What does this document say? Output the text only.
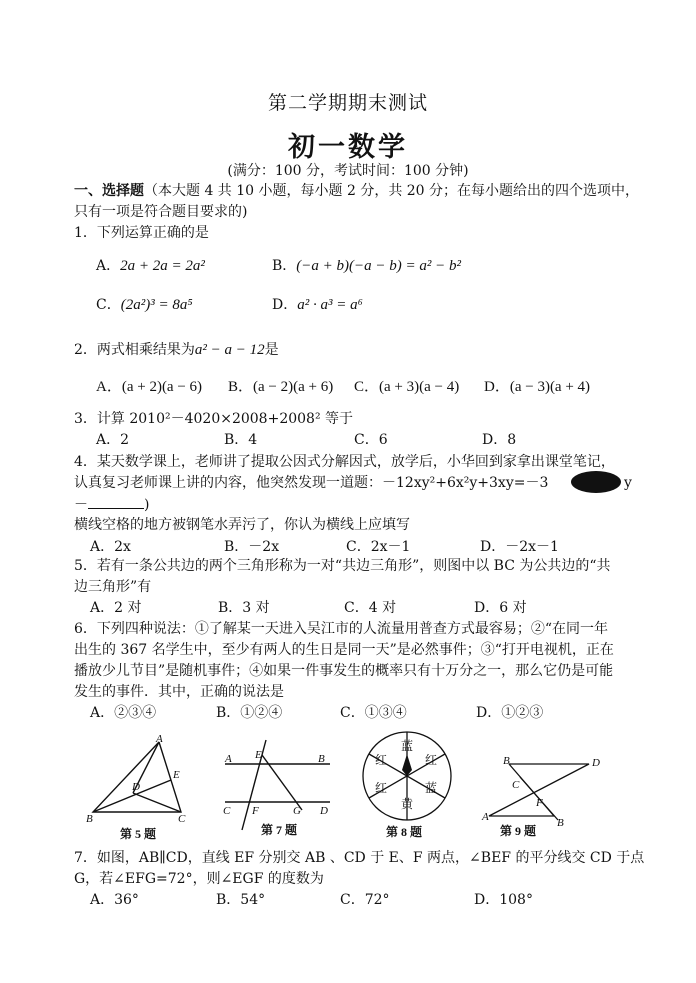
第二学期期末测试
初一数学
(满分：100 分，考试时间：100 分钟)
一、选择题（本大题 4 共 10 小题，每小题 2 分，共 20 分；在每小题给出的四个选项中，
只有一项是符合题目要求的)
1．下列运算正确的是
A．2a + 2a = 2a²	B．(−a + b)(−a − b) = a² − b²
C．(2a²)³ = 8a⁵	D．a² · a³ = a⁶
2．两式相乘结果为a² − a − 12是
A．(a + 2)(a − 6) B．(a − 2)(a + 6) C．(a + 3)(a − 4) D．(a − 3)(a + 4)
3．计算 2010²－4020×2008+2008² 等于
A．2	B．4	C．6	D．8
4．某天数学课上，老师讲了提取公因式分解因式，放学后，小华回到家拿出课堂笔记，
认真复习老师课上讲的内容，他突然发现一道题：－12xy²+6x²y+3xy=－3	y
－	)
横线空格的地方被钢笔水弄污了，你认为横线上应填写
A．2x	B．－2x	C．2x－1	D．－2x－1
5．若有一条公共边的两个三角形称为一对“共边三角形”，则图中以 BC 为公共边的“共
边三角形”有
A．2 对	B．3 对	C．4 对	D．6 对
6．下列四种说法：①了解某一天进入吴江市的人流量用普查方式最容易；②“在同一年
出生的 367 名学生中，至少有两人的生日是同一天”是必然事件；③“打开电视机，正在
播放少儿节目”是随机事件；④如果一件事发生的概率只有十万分之一，那么它仍是可能
发生的事件．其中，正确的说法是
A．②③④	B．①②④	C．①③④	D．①②③
A
B	C
D
E
第 5 题
A	B
C	D
E
F	G
第 7 题
蓝
红
蓝
黄
红
红
第 8 题
B	D
A	B
C
F
第 9 题
7．如图，AB∥CD，直线 EF 分别交 AB 、CD 于 E、F 两点，∠BEF 的平分线交 CD 于点
G，若∠EFG=72°，则∠EGF 的度数为
A．36°	B．54°	C．72°	D．108°
